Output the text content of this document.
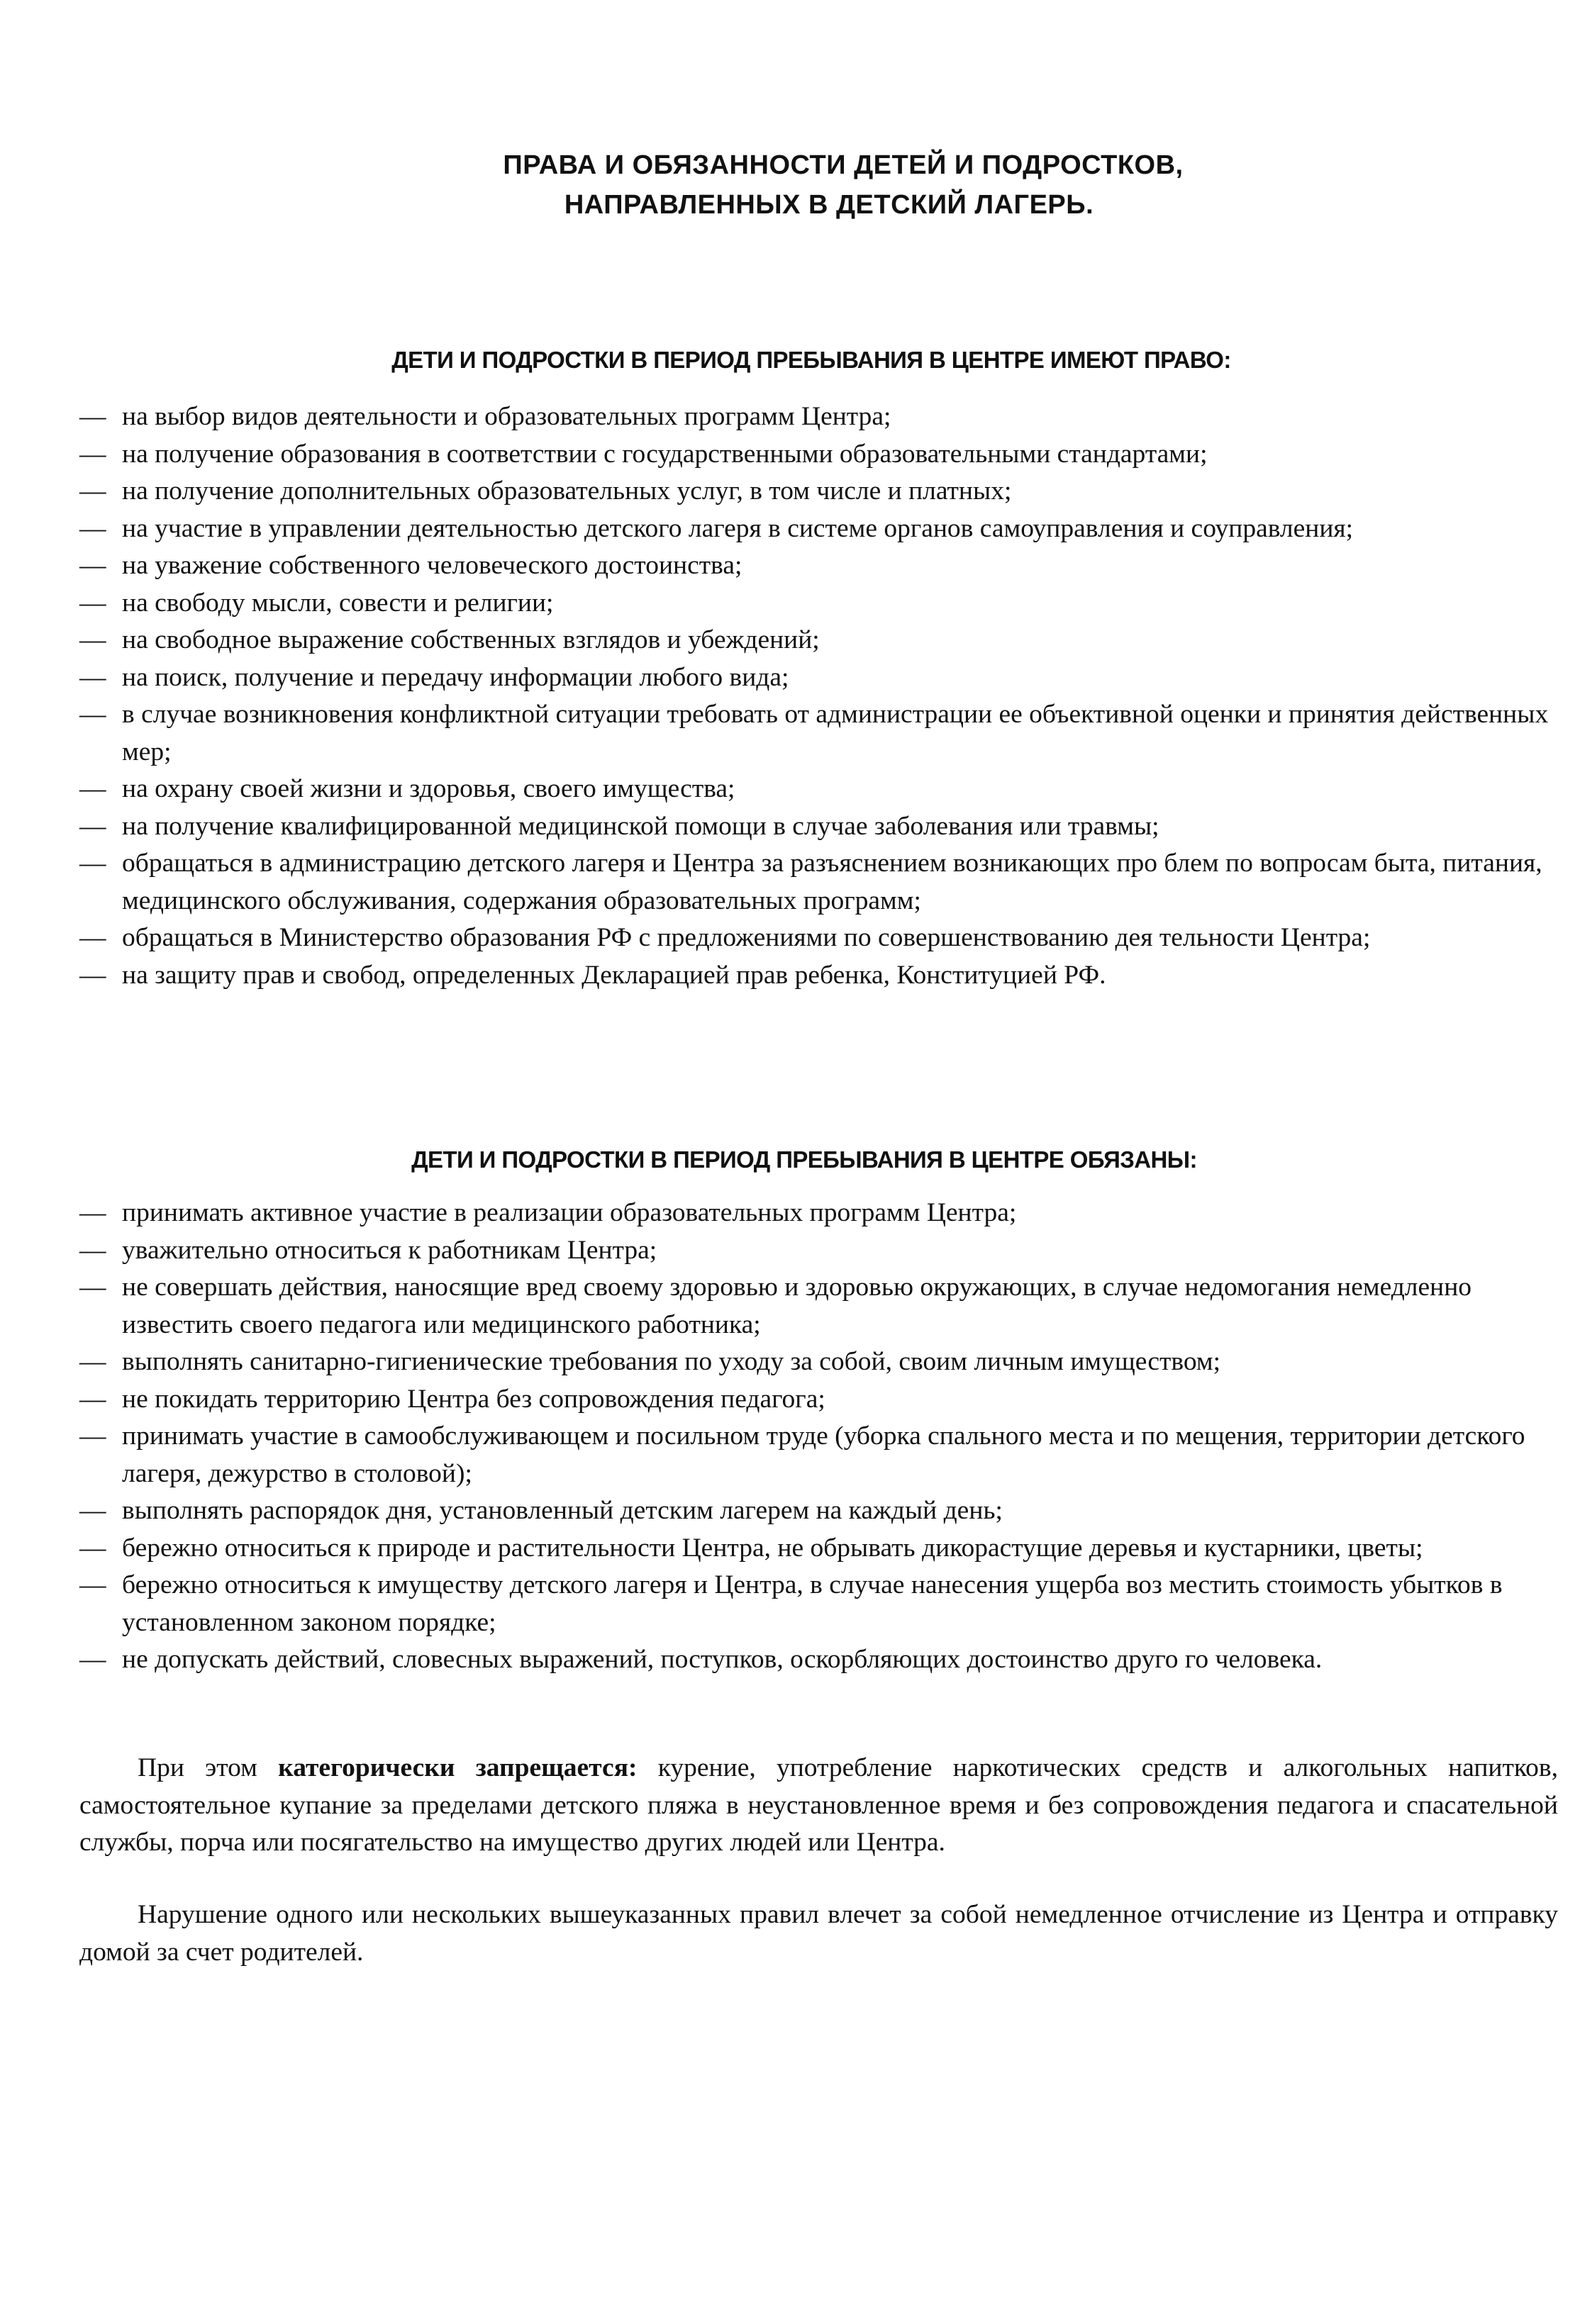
ПРАВА И ОБЯЗАННОСТИ ДЕТЕЙ И ПОДРОСТКОВ,
НАПРАВЛЕННЫХ В ДЕТСКИЙ ЛАГЕРЬ.
ДЕТИ И ПОДРОСТКИ В ПЕРИОД ПРЕБЫВАНИЯ В ЦЕНТРЕ ИМЕЮТ ПРАВО:
— на выбор видов деятельности и образовательных программ Центра;
— на получение образования в соответствии с государственными образовательными стандартами;
— на получение дополнительных образовательных услуг, в том числе и платных;
— на участие в управлении деятельностью детского лагеря в системе органов самоуправления и соуправления;
— на уважение собственного человеческого достоинства;
— на свободу мысли, совести и религии;
— на свободное выражение собственных взглядов и убеждений;
— на поиск, получение и передачу информации любого вида;
— в случае возникновения конфликтной ситуации требовать от администрации ее объективной оценки и принятия действенных мер;
— на охрану своей жизни и здоровья, своего имущества;
— на получение квалифицированной медицинской помощи в случае заболевания или травмы;
— обращаться в администрацию детского лагеря и Центра за разъяснением возникающих про блем по вопросам быта, питания, медицинского обслуживания, содержания образовательных программ;
— обращаться в Министерство образования РФ с предложениями по совершенствованию дея тельности Центра;
— на защиту прав и свобод, определенных Декларацией прав ребенка, Конституцией РФ.
ДЕТИ И ПОДРОСТКИ В ПЕРИОД ПРЕБЫВАНИЯ В ЦЕНТРЕ ОБЯЗАНЫ:
— принимать активное участие в реализации образовательных программ Центра;
— уважительно относиться к работникам Центра;
— не совершать действия, наносящие вред своему здоровью и здоровью окружающих, в случае недомогания немедленно известить своего педагога или медицинского работника;
— выполнять санитарно-гигиенические требования по уходу за собой, своим личным имуществом;
— не покидать территорию Центра без сопровождения педагога;
— принимать участие в самообслуживающем и посильном труде (уборка спального места и по мещения, территории детского лагеря, дежурство в столовой);
— выполнять распорядок дня, установленный детским лагерем на каждый день;
— бережно относиться к природе и растительности Центра, не обрывать дикорастущие деревья и кустарники, цветы;
— бережно относиться к имуществу детского лагеря и Центра, в случае нанесения ущерба воз местить стоимость убытков в установленном законом порядке;
— не допускать действий, словесных выражений, поступков, оскорбляющих достоинство друго го человека.

При этом категорически запрещается: курение, употребление наркотических средств и алкогольных напитков, самостоятельное купание за пределами детского пляжа в неустановленное время и без сопровождения педагога и спасательной службы, порча или посягательство на имущество других людей или Центра.

Нарушение одного или нескольких вышеуказанных правил влечет за собой немедленное отчисление из Центра и отправку домой за счет родителей.
